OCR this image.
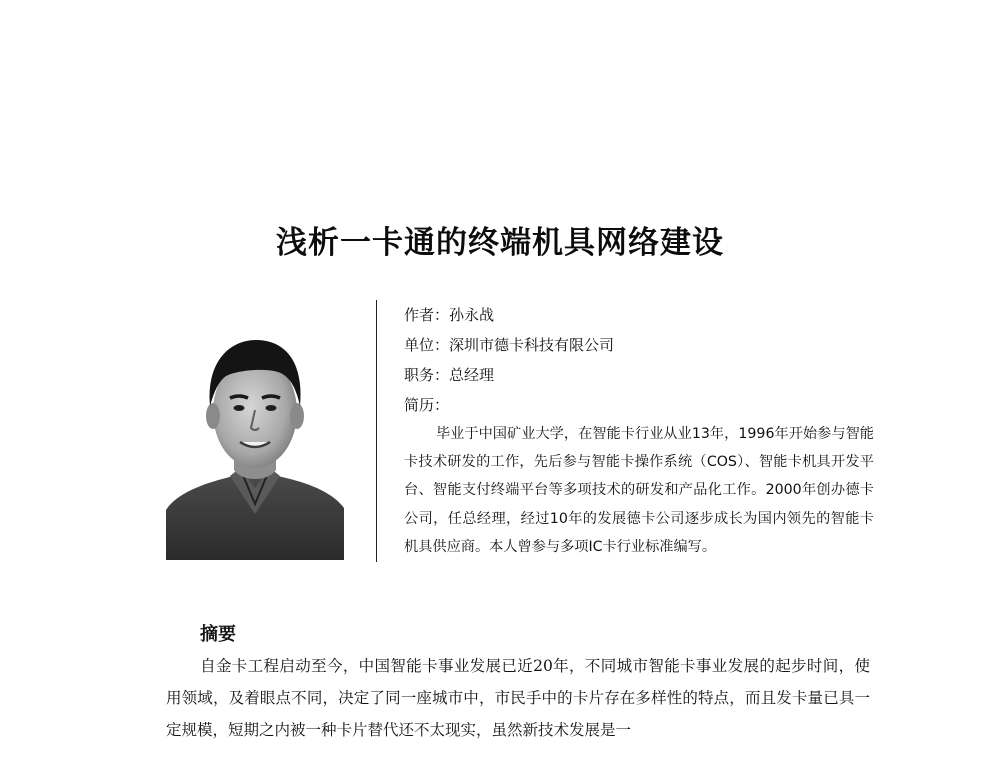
浅析一卡通的终端机具网络建设
作者：孙永战
单位：深圳市德卡科技有限公司
职务：总经理
简历：

毕业于中国矿业大学，在智能卡行业从业13年，1996年开始参与智能卡技术研发的工作，先后参与智能卡操作系统（COS）、智能卡机具开发平台、智能支付终端平台等多项技术的研发和产品化工作。2000年创办德卡公司，任总经理，经过10年的发展德卡公司逐步成长为国内领先的智能卡机具供应商。本人曾参与多项IC卡行业标准编写。

摘要

自金卡工程启动至今，中国智能卡事业发展已近20年，不同城市智能卡事业发展的起步时间，使用领域，及着眼点不同，决定了同一座城市中，市民手中的卡片存在多样性的特点，而且发卡量已具一定规模，短期之内被一种卡片替代还不太现实，虽然新技术发展是一
